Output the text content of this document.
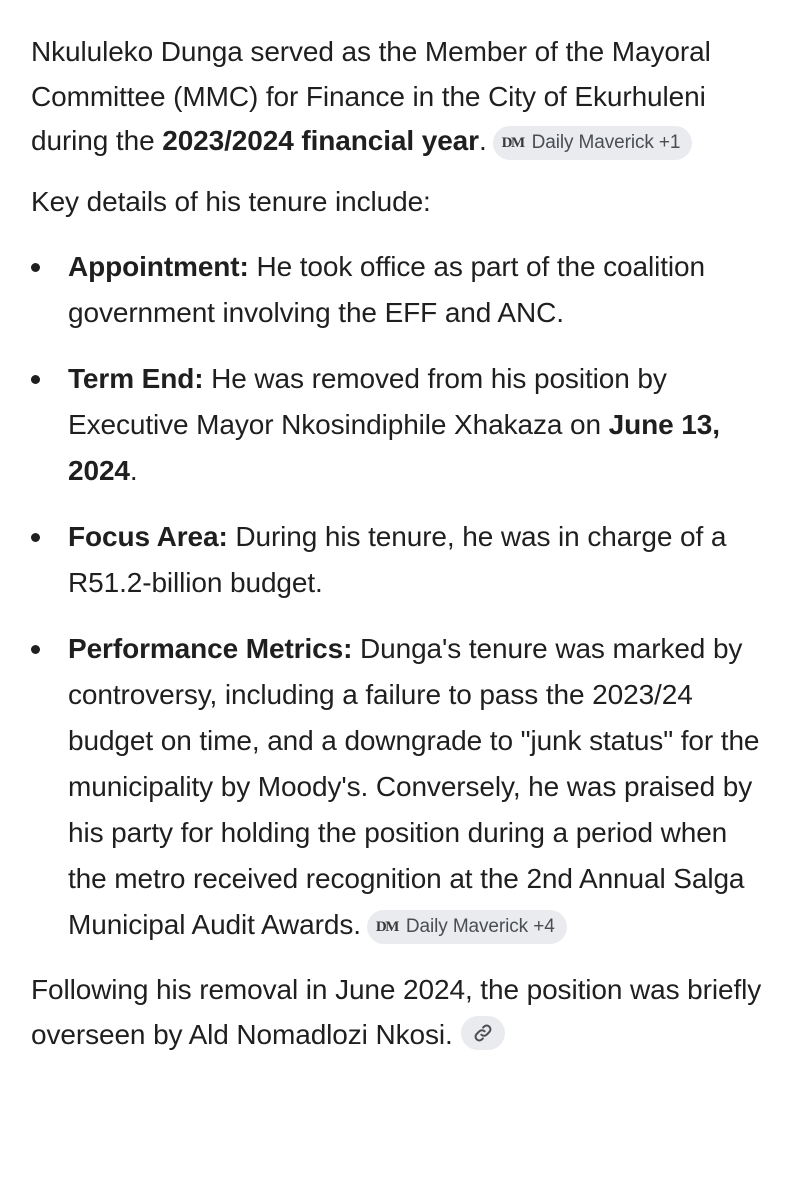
Nkululeko Dunga served as the Member of the Mayoral Committee (MMC) for Finance in the City of Ekurhuleni during the 2023/2024 financial year. DM Daily Maverick +1

Key details of his tenure include:

Appointment: He took office as part of the coalition government involving the EFF and ANC.
Term End: He was removed from his position by Executive Mayor Nkosindiphile Xhakaza on June 13, 2024.
Focus Area: During his tenure, he was in charge of a R51.2-billion budget.
Performance Metrics: Dunga's tenure was marked by controversy, including a failure to pass the 2023/24 budget on time, and a downgrade to "junk status" for the municipality by Moody's. Conversely, he was praised by his party for holding the position during a period when the metro received recognition at the 2nd Annual Salga Municipal Audit Awards. DM Daily Maverick +4

Following his removal in June 2024, the position was briefly overseen by Ald Nomadlozi Nkosi.
